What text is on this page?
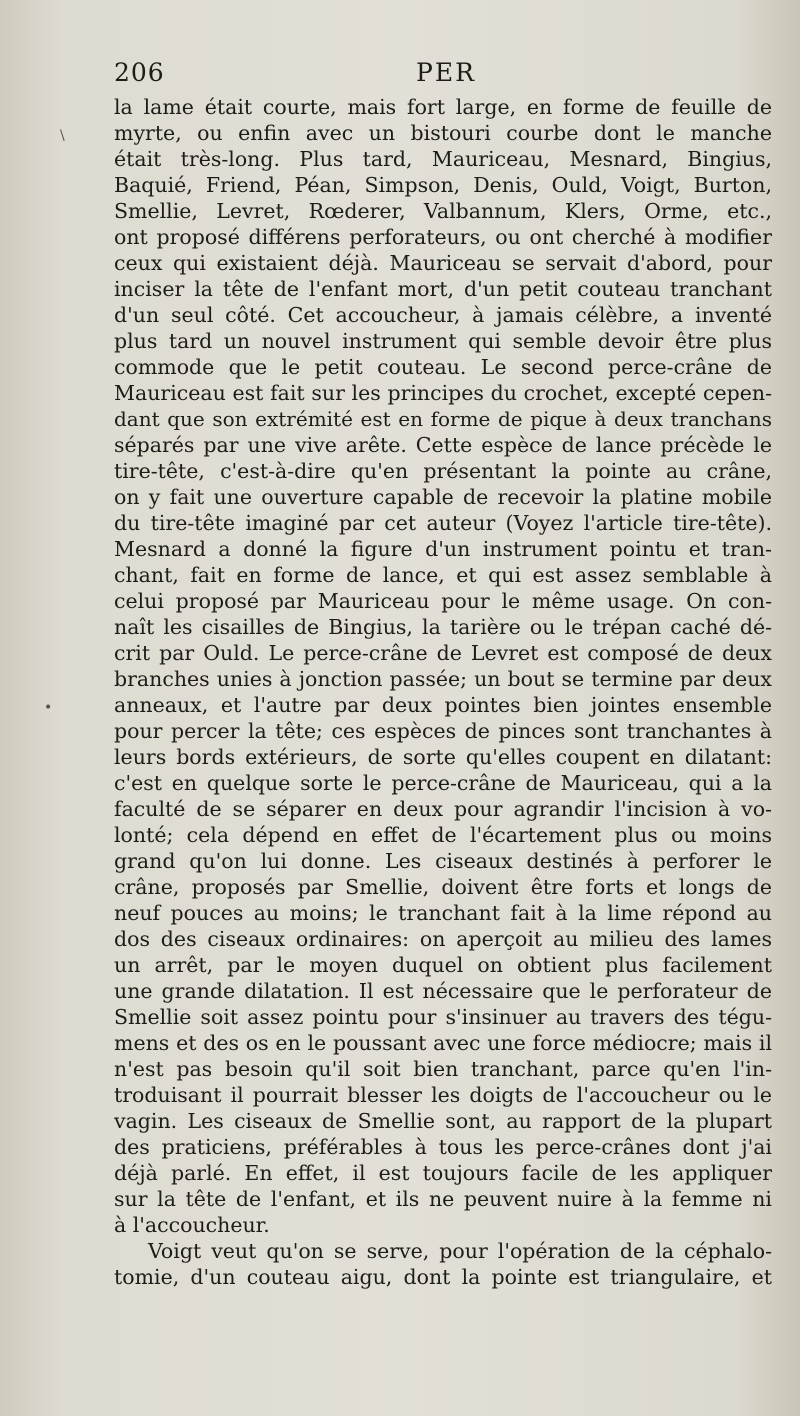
206	PER
\
•
la lame était courte, mais fort large, en forme de feuille de
myrte, ou enfin avec un bistouri courbe dont le manche
était très-long. Plus tard, Mauriceau, Mesnard, Bingius,
Baquié, Friend, Péan, Simpson, Denis, Ould, Voigt, Burton,
Smellie, Levret, Rœderer, Valbannum, Klers, Orme, etc.,
ont proposé différens perforateurs, ou ont cherché à modifier
ceux qui existaient déjà. Mauriceau se servait d'abord, pour
inciser la tête de l'enfant mort, d'un petit couteau tranchant
d'un seul côté. Cet accoucheur, à jamais célèbre, a inventé
plus tard un nouvel instrument qui semble devoir être plus
commode que le petit couteau. Le second perce-crâne de
Mauriceau est fait sur les principes du crochet, excepté cepen-
dant que son extrémité est en forme de pique à deux tranchans
séparés par une vive arête. Cette espèce de lance précède le
tire-tête, c'est-à-dire qu'en présentant la pointe au crâne,
on y fait une ouverture capable de recevoir la platine mobile
du tire-tête imaginé par cet auteur (Voyez l'article tire-tête).
Mesnard a donné la figure d'un instrument pointu et tran-
chant, fait en forme de lance, et qui est assez semblable à
celui proposé par Mauriceau pour le même usage. On con-
naît les cisailles de Bingius, la tarière ou le trépan caché dé-
crit par Ould. Le perce-crâne de Levret est composé de deux
branches unies à jonction passée; un bout se termine par deux
anneaux, et l'autre par deux pointes bien jointes ensemble
pour percer la tête; ces espèces de pinces sont tranchantes à
leurs bords extérieurs, de sorte qu'elles coupent en dilatant:
c'est en quelque sorte le perce-crâne de Mauriceau, qui a la
faculté de se séparer en deux pour agrandir l'incision à vo-
lonté; cela dépend en effet de l'écartement plus ou moins
grand qu'on lui donne. Les ciseaux destinés à perforer le
crâne, proposés par Smellie, doivent être forts et longs de
neuf pouces au moins; le tranchant fait à la lime répond au
dos des ciseaux ordinaires: on aperçoit au milieu des lames
un arrêt, par le moyen duquel on obtient plus facilement
une grande dilatation. Il est nécessaire que le perforateur de
Smellie soit assez pointu pour s'insinuer au travers des tégu-
mens et des os en le poussant avec une force médiocre; mais il
n'est pas besoin qu'il soit bien tranchant, parce qu'en l'in-
troduisant il pourrait blesser les doigts de l'accoucheur ou le
vagin. Les ciseaux de Smellie sont, au rapport de la plupart
des praticiens, préférables à tous les perce-crânes dont j'ai
déjà parlé. En effet, il est toujours facile de les appliquer
sur la tête de l'enfant, et ils ne peuvent nuire à la femme ni
à l'accoucheur.
Voigt veut qu'on se serve, pour l'opération de la céphalo-
tomie, d'un couteau aigu, dont la pointe est triangulaire, et
